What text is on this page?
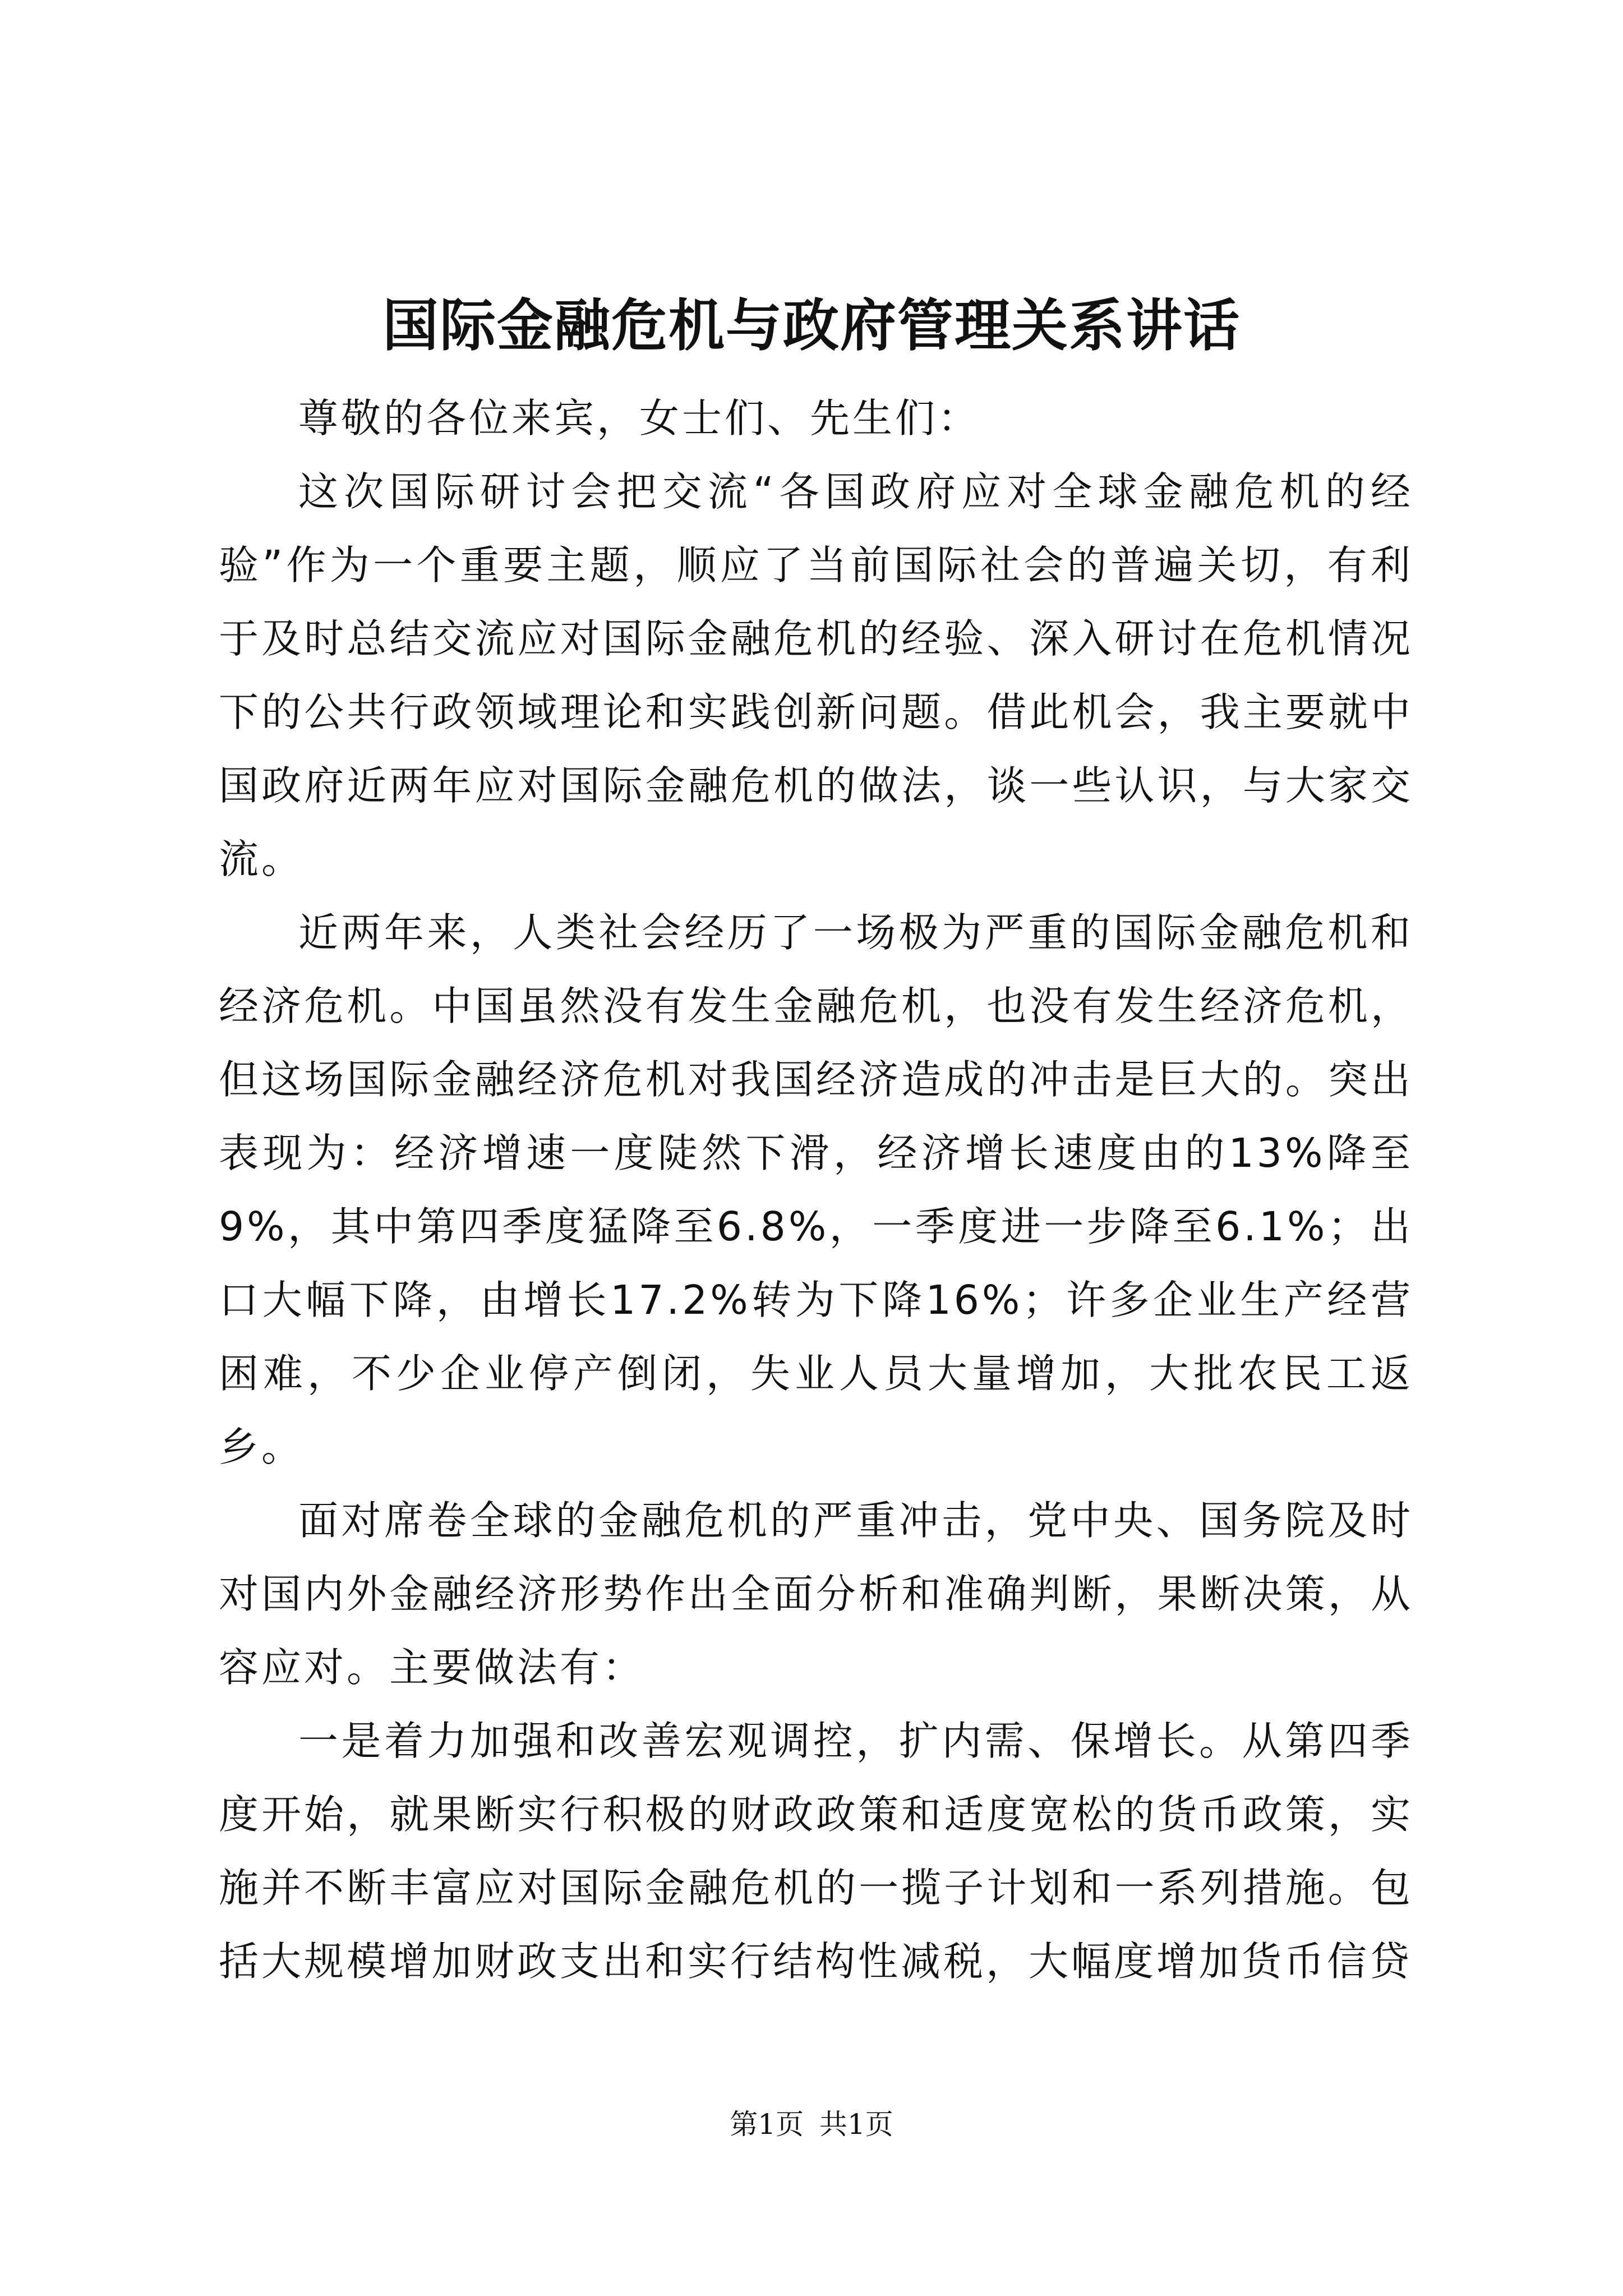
国际金融危机与政府管理关系讲话

尊敬的各位来宾，女士们、先生们：

这次国际研讨会把交流“各国政府应对全球金融危机的经验”作为一个重要主题，顺应了当前国际社会的普遍关切，有利于及时总结交流应对国际金融危机的经验、深入研讨在危机情况下的公共行政领域理论和实践创新问题。借此机会，我主要就中国政府近两年应对国际金融危机的做法，谈一些认识，与大家交流。

近两年来，人类社会经历了一场极为严重的国际金融危机和经济危机。中国虽然没有发生金融危机，也没有发生经济危机，但这场国际金融经济危机对我国经济造成的冲击是巨大的。突出表现为：经济增速一度陡然下滑，经济增长速度由的13%降至9%，其中第四季度猛降至6.8%，一季度进一步降至6.1%；出口大幅下降，由增长17.2%转为下降16%；许多企业生产经营困难，不少企业停产倒闭，失业人员大量增加，大批农民工返乡。

面对席卷全球的金融危机的严重冲击，党中央、国务院及时对国内外金融经济形势作出全面分析和准确判断，果断决策，从容应对。主要做法有：

一是着力加强和改善宏观调控，扩内需、保增长。从第四季度开始，就果断实行积极的财政政策和适度宽松的货币政策，实施并不断丰富应对国际金融危机的一揽子计划和一系列措施。包括大规模增加财政支出和实行结构性减税，大幅度增加货币信贷

第1页 共1页
